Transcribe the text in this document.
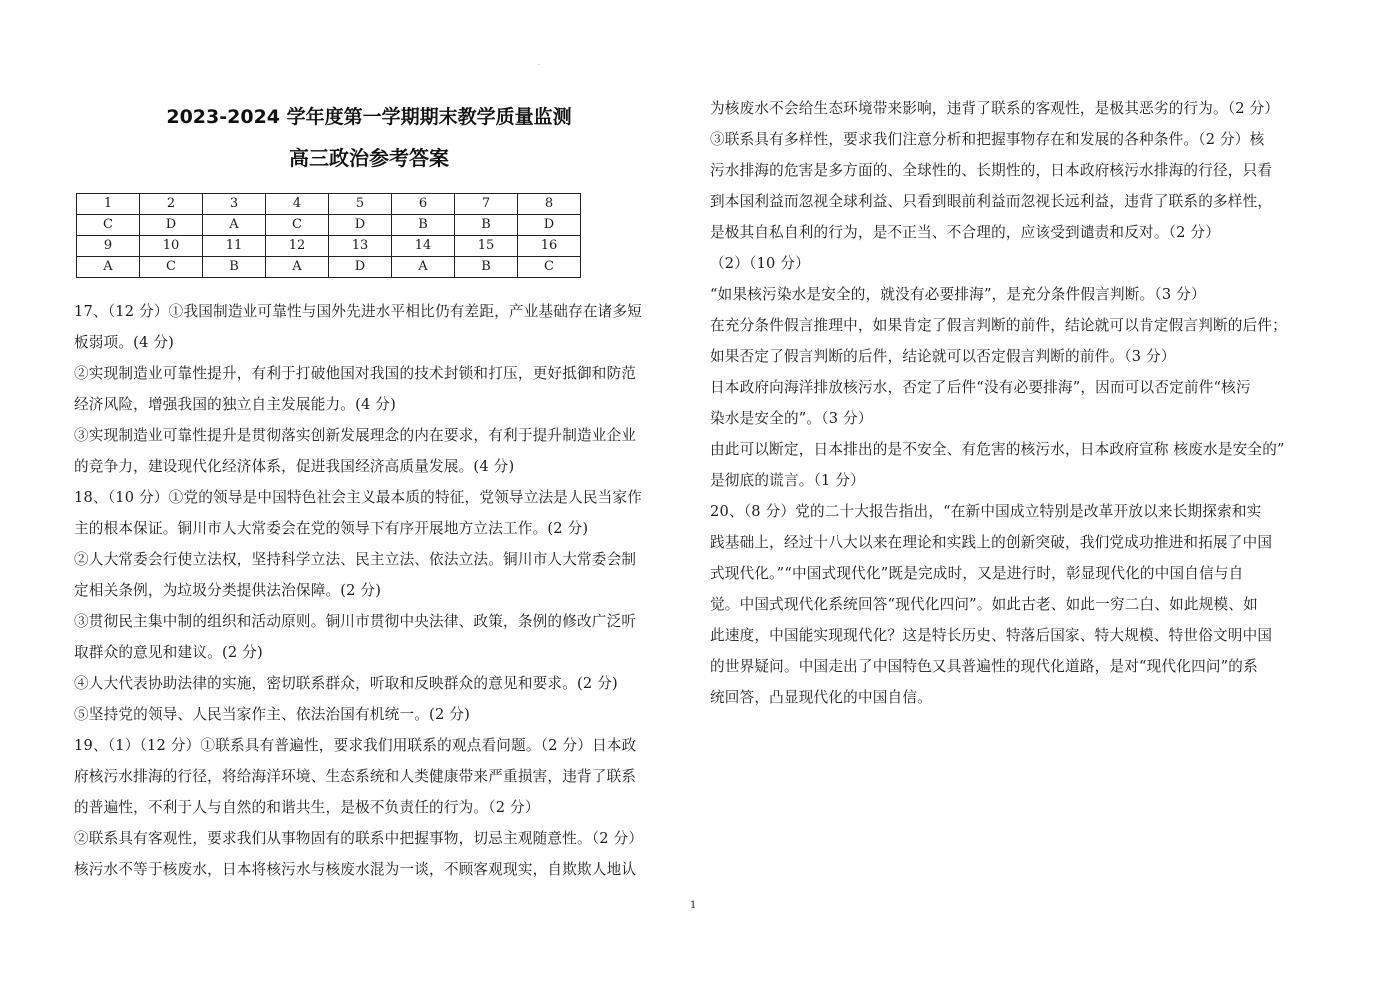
·
2023-2024 学年度第一学期期末教学质量监测
高三政治参考答案
1	2	3	4	5	6	7	8
C	D	A	C	D	B	B	D
9	10	11	12	13	14	15	16
A	C	B	A	D	A	B	C
17、（12 分）①我国制造业可靠性与国外先进水平相比仍有差距，产业基础存在诸多短
板弱项。(4 分)
②实现制造业可靠性提升，有利于打破他国对我国的技术封锁和打压，更好抵御和防范
经济风险，增强我国的独立自主发展能力。(4 分)
③实现制造业可靠性提升是贯彻落实创新发展理念的内在要求，有利于提升制造业企业
的竞争力，建设现代化经济体系，促进我国经济高质量发展。(4 分)
18、（10 分）①党的领导是中国特色社会主义最本质的特征，党领导立法是人民当家作
主的根本保证。铜川市人大常委会在党的领导下有序开展地方立法工作。(2 分)
②人大常委会行使立法权，坚持科学立法、民主立法、依法立法。铜川市人大常委会制
定相关条例，为垃圾分类提供法治保障。(2 分)
③贯彻民主集中制的组织和活动原则。铜川市贯彻中央法律、政策，条例的修改广泛听
取群众的意见和建议。(2 分)
④人大代表协助法律的实施，密切联系群众，听取和反映群众的意见和要求。(2 分)
⑤坚持党的领导、人民当家作主、依法治国有机统一。(2 分)
19、（1）（12 分）①联系具有普遍性，要求我们用联系的观点看问题。（2 分）日本政
府核污水排海的行径，将给海洋环境、生态系统和人类健康带来严重损害，违背了联系
的普遍性，不利于人与自然的和谐共生，是极不负责任的行为。（2 分）
②联系具有客观性，要求我们从事物固有的联系中把握事物，切忌主观随意性。（2 分）
核污水不等于核废水，日本将核污水与核废水混为一谈，不顾客观现实，自欺欺人地认
为核废水不会给生态环境带来影响，违背了联系的客观性，是极其恶劣的行为。（2 分）
③联系具有多样性，要求我们注意分析和把握事物存在和发展的各种条件。（2 分）核
污水排海的危害是多方面的、全球性的、长期性的，日本政府核污水排海的行径，只看
到本国利益而忽视全球利益、只看到眼前利益而忽视长远利益，违背了联系的多样性，
是极其自私自利的行为，是不正当、不合理的，应该受到谴责和反对。（2 分）
（2）（10 分）
“如果核污染水是安全的，就没有必要排海”，是充分条件假言判断。（3 分）
在充分条件假言推理中，如果肯定了假言判断的前件，结论就可以肯定假言判断的后件；
如果否定了假言判断的后件，结论就可以否定假言判断的前件。（3 分）
日本政府向海洋排放核污水，否定了后件“没有必要排海”，因而可以否定前件“核污
染水是安全的”。（3 分）
由此可以断定，日本排出的是不安全、有危害的核污水，日本政府宣称 核废水是安全的”
是彻底的谎言。（1 分）
20、（8 分）党的二十大报告指出，“在新中国成立特别是改革开放以来长期探索和实
践基础上，经过十八大以来在理论和实践上的创新突破，我们党成功推进和拓展了中国
式现代化。”“中国式现代化”既是完成时，又是进行时，彰显现代化的中国自信与自
觉。中国式现代化系统回答“现代化四问”。如此古老、如此一穷二白、如此规模、如
此速度，中国能实现现代化？这是特长历史、特落后国家、特大规模、特世俗文明中国
的世界疑问。中国走出了中国特色又具普遍性的现代化道路，是对“现代化四问”的系
统回答，凸显现代化的中国自信。
1
